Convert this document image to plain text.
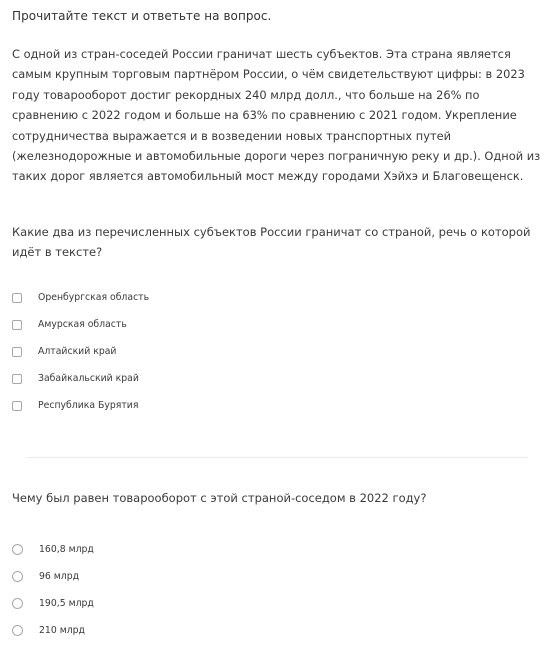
Прочитайте текст и ответьте на вопрос.

С одной из стран-соседей России граничат шесть субъектов. Эта страна является самым крупным торговым партнёром России, о чём свидетельствуют цифры: в 2023 году товарооборот достиг рекордных 240 млрд долл., что больше на 26% по сравнению с 2022 годом и больше на 63% по сравнению с 2021 годом. Укрепление сотрудничества выражается и в возведении новых транспортных путей (железнодорожные и автомобильные дороги через пограничную реку и др.). Одной из таких дорог является автомобильный мост между городами Хэйхэ и Благовещенск.

Какие два из перечисленных субъектов России граничат со страной, речь о которой идёт в тексте?
Оренбургская область
Амурская область
Алтайский край
Забайкальский край
Республика Бурятия
Чему был равен товарооборот с этой страной-соседом в 2022 году?
160,8 млрд
96 млрд
190,5 млрд
210 млрд
